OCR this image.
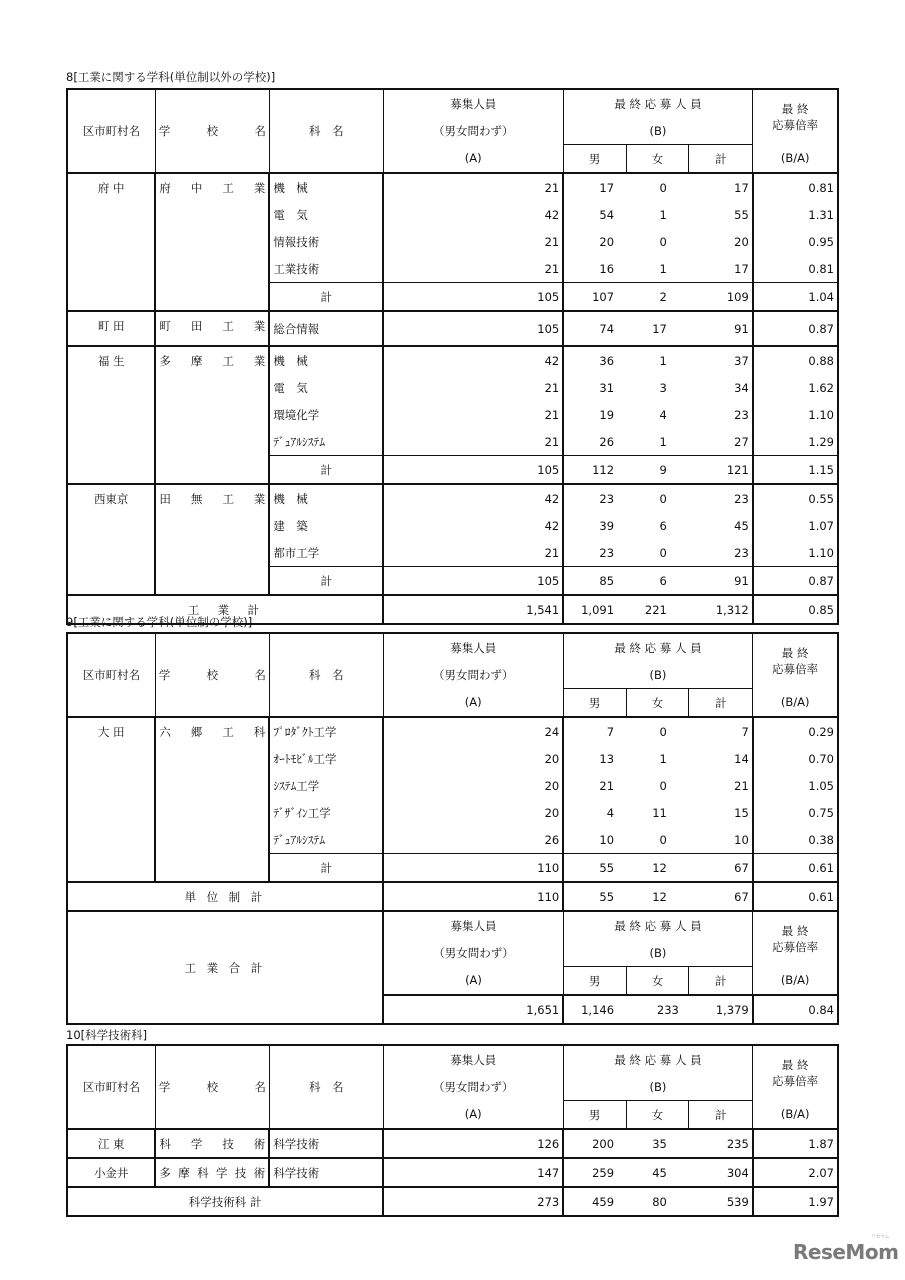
8[工業に関する学科(単位制以外の学校)]
区市町村名	学	校	名	科　名	募集人員	最 終 応 募 人 員	最 終
応募倍率

			（男女問わず）	(B)			
			(A)	男	女	計	(B/A)
府 中	府 中 工 業	機　械	21	17	0	17	0.81
		電　気	42	54	1	55	1.31
		情報技術	21	20	0	20	0.95
		工業技術	21	16	1	17	0.81
		計	105	107	2	109	1.04
町 田	町 田 工 業	総合情報	105	74	17	91	0.87
福 生	多 摩 工 業	機　械	42	36	1	37	0.88
		電　気	21	31	3	34	1.62
		環境化学	21	19	4	23	1.10
		ﾃﾞｭｱﾙｼｽﾃﾑ	21	26	1	27	1.29
		計	105	112	9	121	1.15
西東京	田 無 工 業	機　械	42	23	0	23	0.55
		建　築	42	39	6	45	1.07
		都市工学	21	23	0	23	1.10
		計	105	85	6	91	0.87
工　業　計			1,541	1,091	221	1,312	0.85
9[工業に関する学科(単位制の学校)]
区市町村名	学	校	名	科　名	募集人員	最 終 応 募 人 員	最 終
応募倍率

			（男女問わず）	(B)			
			(A)	男	女	計	(B/A)
大 田	六 郷 工 科	ﾌﾟﾛﾀﾞｸﾄ工学	24	7	0	7	0.29
		ｵｰﾄﾓﾋﾞﾙ工学	20	13	1	14	0.70
		ｼｽﾃﾑ工学	20	21	0	21	1.05
		ﾃﾞｻﾞｲﾝ工学	20	4	11	15	0.75
		ﾃﾞｭｱﾙｼｽﾃﾑ	26	10	0	10	0.38
		計	110	55	12	67	0.61
単 位 制 計			110	55	12	67	0.61
工 業 合 計	募集人員	最 終 応 募 人 員			最 終
応募倍率

	（男女問わず）	(B)			
	(A)	男	女	計	(B/A)
	1,651	1,146	233	1,379	0.84
10[科学技術科]
区市町村名	学	校	名	科　名	募集人員	最 終 応 募 人 員	最 終
応募倍率

			（男女問わず）	(B)			
			(A)	男	女	計	(B/A)
江 東	科 学 技 術	科学技術	126	200	35	235	1.87
小金井	多 摩 科 学 技 術	科学技術	147	259	45	304	2.07
科学技術科 計			273	459	80	539	1.97
ReseMom
リセマム
